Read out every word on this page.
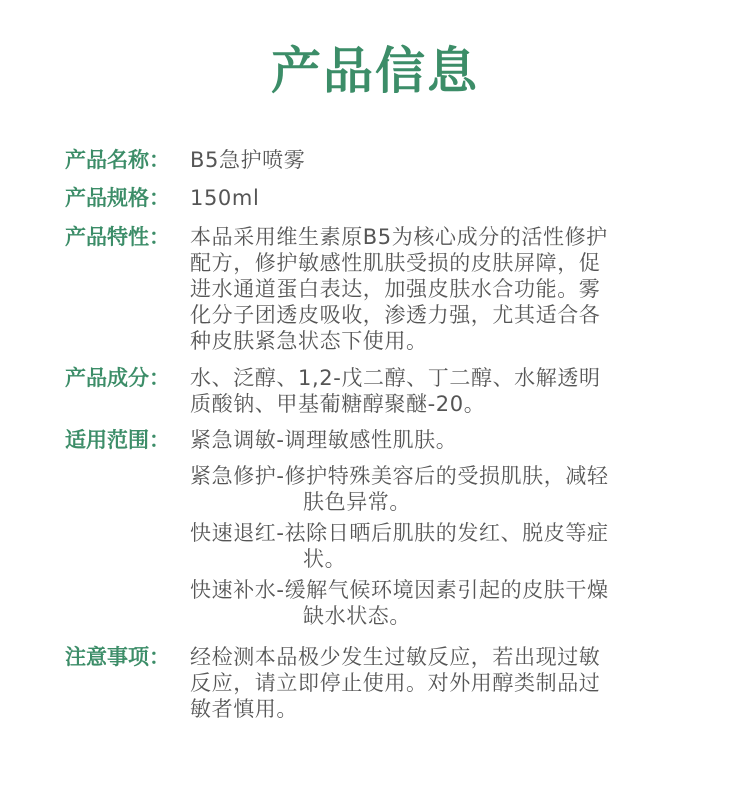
产品信息
产品名称： B5急护喷雾
产品规格： 150ml
产品特性： 本品采用维生素原B5为核心成分的活性修护

配方，修护敏感性肌肤受损的皮肤屏障，促

进水通道蛋白表达，加强皮肤水合功能。雾

化分子团透皮吸收，渗透力强，尤其适合各

种皮肤紧急状态下使用。

产品成分： 水、泛醇、1,2-戊二醇、丁二醇、水解透明

质酸钠、甲基葡糖醇聚醚-20。

适用范围： 紧急调敏-调理敏感性肌肤。

紧急修护-修护特殊美容后的受损肌肤，减轻

肤色异常。

快速退红-祛除日晒后肌肤的发红、脱皮等症

状。

快速补水-缓解气候环境因素引起的皮肤干燥

缺水状态。

注意事项： 经检测本品极少发生过敏反应，若出现过敏

反应，请立即停止使用。对外用醇类制品过

敏者慎用。
